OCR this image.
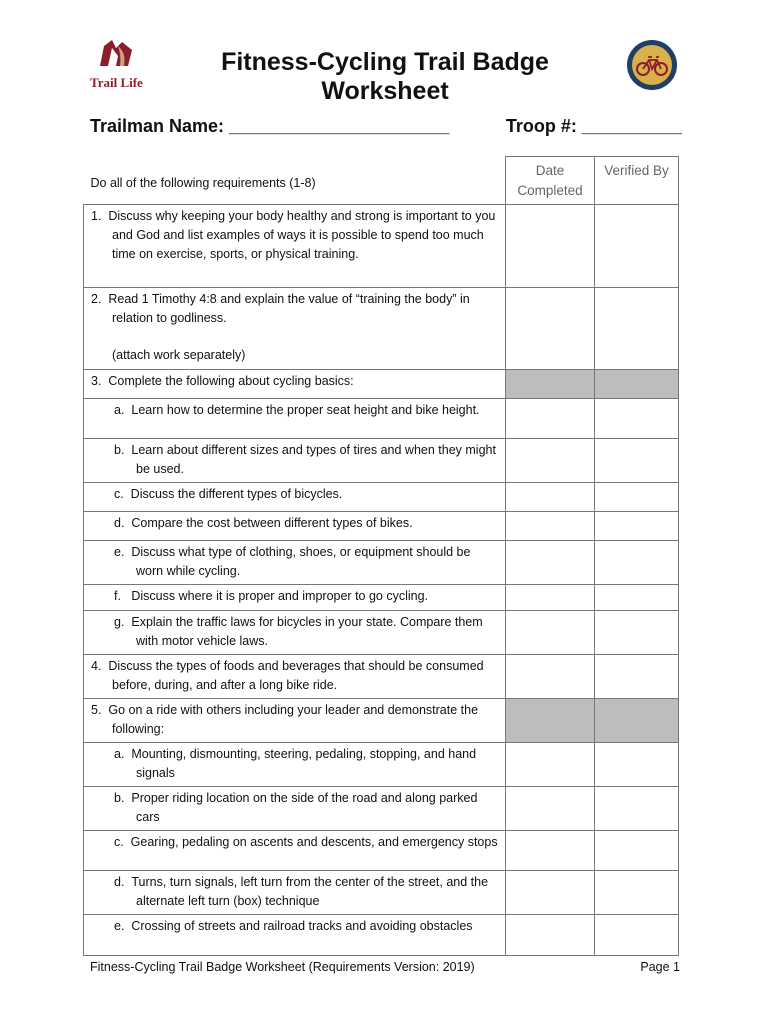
Trail Life
Fitness-Cycling Trail Badge Worksheet
Trailman Name: ______________________	Troop #: __________
Do all of the following requirements (1-8)	Date Completed	Verified By
1.  Discuss why keeping your body healthy and strong is important to you and God and list examples of ways it is possible to spend too much time on exercise, sports, or physical training.		
2.  Read 1 Timothy 4:8 and explain the value of “training the body” in relation to godliness.
(attach work separately)		

3.  Complete the following about cycling basics:		
a.  Learn how to determine the proper seat height and bike height.		
b.  Learn about different sizes and types of tires and when they might be used.		
c.  Discuss the different types of bicycles.		
d.  Compare the cost between different types of bikes.		
e.  Discuss what type of clothing, shoes, or equipment should be worn while cycling.		
f.   Discuss where it is proper and improper to go cycling.		
g.  Explain the traffic laws for bicycles in your state. Compare them with motor vehicle laws.		
4.  Discuss the types of foods and beverages that should be consumed before, during, and after a long bike ride.		
5.  Go on a ride with others including your leader and demonstrate the following:		
a.  Mounting, dismounting, steering, pedaling, stopping, and hand signals		
b.  Proper riding location on the side of the road and along parked cars		
c.  Gearing, pedaling on ascents and descents, and emergency stops		
d.  Turns, turn signals, left turn from the center of the street, and the alternate left turn (box) technique		
e.  Crossing of streets and railroad tracks and avoiding obstacles		
Fitness-Cycling Trail Badge Worksheet (Requirements Version: 2019)	Page 1
